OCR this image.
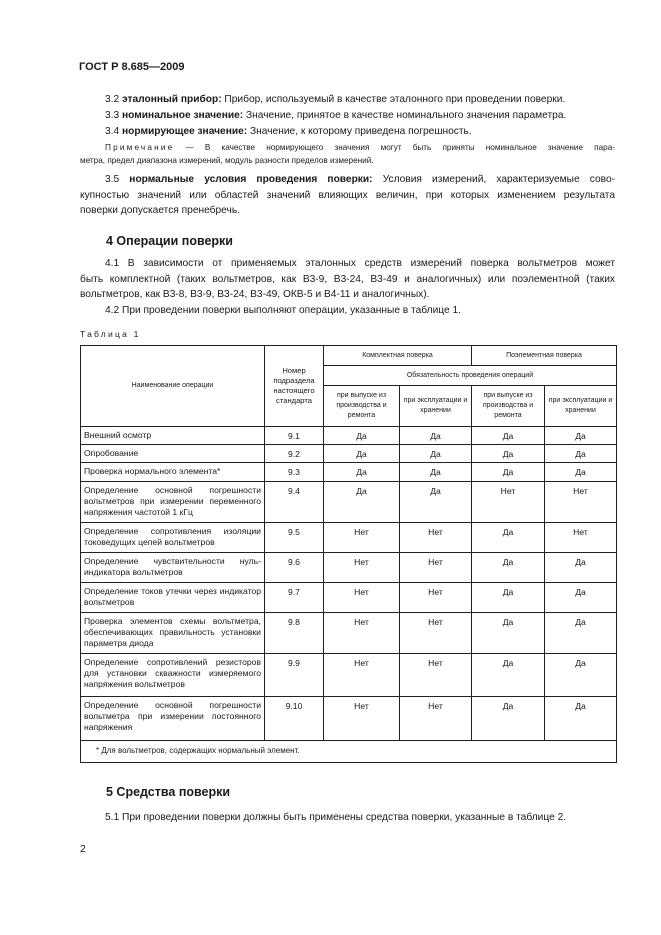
ГОСТ Р 8.685—2009
3.2 эталонный прибор: Прибор, используемый в качестве эталонного при проведении поверки.
3.3 номинальное значение: Значение, принятое в качестве номинального значения параметра.
3.4 нормирующее значение: Значение, к которому приведена погрешность.
Примечание — В качестве нормирующего значения могут быть приняты номинальное значение пара-
метра, предел диапазона измерений, модуль разности пределов измерений.
3.5 нормальные условия проведения поверки: Условия измерений, характеризуемые сово-
купностью значений или областей значений влияющих величин, при которых изменением результата
поверки допускается пренебречь.
4 Операции поверки
4.1 В зависимости от применяемых эталонных средств измерений поверка вольтметров может
быть комплектной (таких вольтметров, как В3-9, В3-24, В3-49 и аналогичных) или поэлементной (таких
вольтметров, как В3-8, В3-9, В3-24, В3-49, ОКВ-5 и В4-11 и аналогичных).
4.2 При проведении поверки выполняют операции, указанные в таблице 1.
Таблица 1
Наименование операции	Номер подраздела настоящего стандарта	Комплектная поверка		Поэлементная поверка	
		Обязательность проведения операций			
		при выпуске из производства и ремонта	при эксплуатации и хранении	при выпуске из производства и ремонта	при эксплуатации и хранении
Внешний осмотр	9.1	Да	Да	Да	Да
Опробование	9.2	Да	Да	Да	Да
Проверка нормального элемента*	9.3	Да	Да	Да	Да
Определение основной погрешности вольтметров при измерении переменного напряжения частотой 1 кГц	9.4	Да	Да	Нет	Нет
Определение сопротивления изоляции токоведущих цепей вольтметров	9.5	Нет	Нет	Да	Нет
Определение чувствительности нуль-индикатора вольтметров	9.6	Нет	Нет	Да	Да
Определение токов утечки через индикатор вольтметров	9.7	Нет	Нет	Да	Да
Проверка элементов схемы вольтметра, обеспечивающих правильность установки параметра диода	9.8	Нет	Нет	Да	Да
Определение сопротивлений резисторов для установки скважности измеряемого напряжения вольтметров	9.9	Нет	Нет	Да	Да
Определение основной погрешности вольтметра при измерении постоянного напряжения	9.10	Нет	Нет	Да	Да
* Для вольтметров, содержащих нормальный элемент.					
5 Средства поверки
5.1 При проведении поверки должны быть применены средства поверки, указанные в таблице 2.
2
